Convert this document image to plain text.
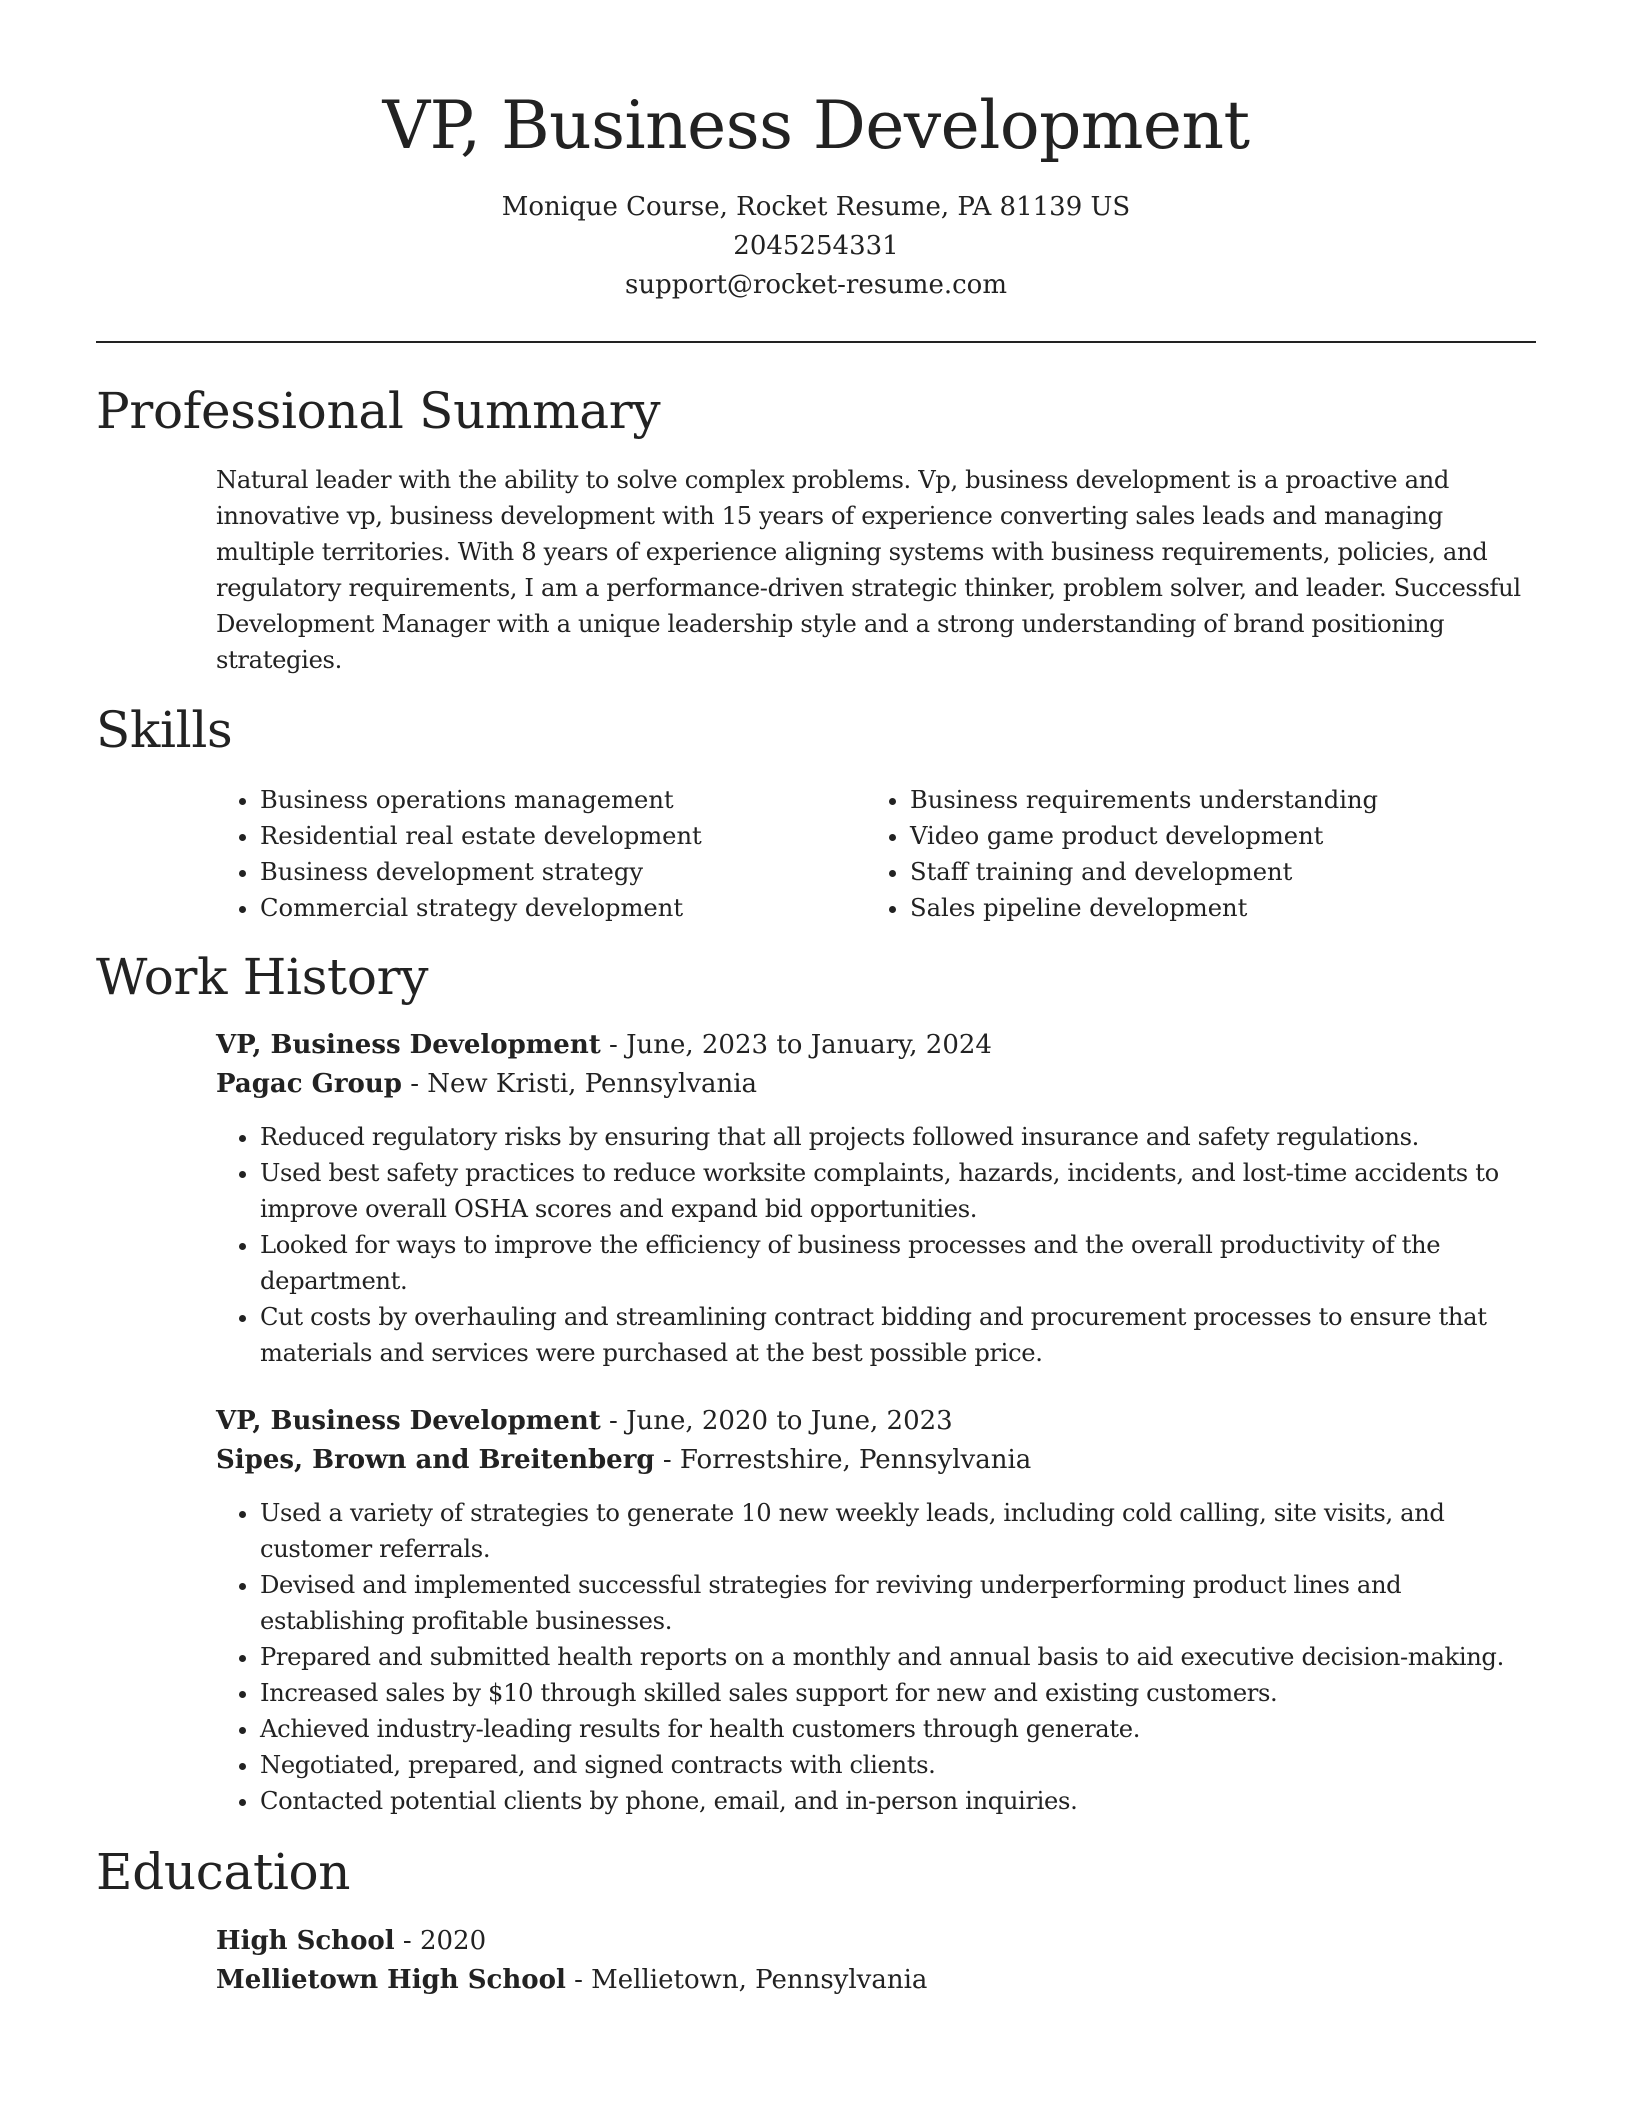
VP, Business Development

Monique Course, Rocket Resume, PA 81139 US

2045254331

support@rocket-resume.com

Professional Summary

Natural leader with the ability to solve complex problems. Vp, business development is a proactive and innovative vp, business development with 15 years of experience converting sales leads and managing multiple territories. With 8 years of experience aligning systems with business requirements, policies, and regulatory requirements, I am a performance-driven strategic thinker, problem solver, and leader. Successful Development Manager with a unique leadership style and a strong understanding of brand positioning strategies.

Skills
• Business operations management
• Residential real estate development
• Business development strategy
• Commercial strategy development
• Business requirements understanding
• Video game product development
• Staff training and development
• Sales pipeline development
Work History

VP, Business Development - June, 2023 to January, 2024

Pagac Group - New Kristi, Pennsylvania

• Reduced regulatory risks by ensuring that all projects followed insurance and safety regulations.
• Used best safety practices to reduce worksite complaints, hazards, incidents, and lost-time accidents to improve overall OSHA scores and expand bid opportunities.
• Looked for ways to improve the efficiency of business processes and the overall productivity of the department.
• Cut costs by overhauling and streamlining contract bidding and procurement processes to ensure that materials and services were purchased at the best possible price.

VP, Business Development - June, 2020 to June, 2023

Sipes, Brown and Breitenberg - Forrestshire, Pennsylvania

• Used a variety of strategies to generate 10 new weekly leads, including cold calling, site visits, and customer referrals.
• Devised and implemented successful strategies for reviving underperforming product lines and establishing profitable businesses.
• Prepared and submitted health reports on a monthly and annual basis to aid executive decision-making.
• Increased sales by $10 through skilled sales support for new and existing customers.
• Achieved industry-leading results for health customers through generate.
• Negotiated, prepared, and signed contracts with clients.
• Contacted potential clients by phone, email, and in-person inquiries.
Education

High School - 2020

Mellietown High School - Mellietown, Pennsylvania
